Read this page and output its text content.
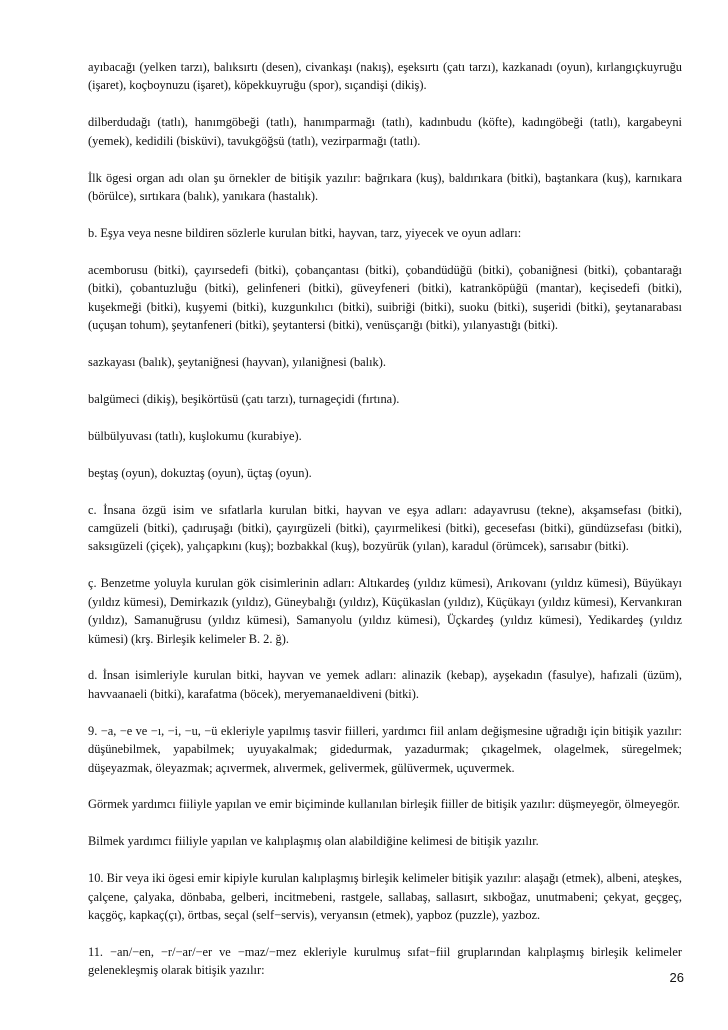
ayıbacağı (yelken tarzı), balıksırtı (desen), civankaşı (nakış), eşeksırtı (çatı tarzı), kazkanadı (oyun), kırlangıçkuyruğu (işaret), koçboynuzu (işaret), köpekkuyruğu (spor), sıçandişi (dikiş).

dilberdudağı (tatlı), hanımgöbeği (tatlı), hanımparmağı (tatlı), kadınbudu (köfte), kadıngöbeği (tatlı), kargabeyni (yemek), kedidili (bisküvi), tavukgöğsü (tatlı), vezirparmağı (tatlı).

İlk ögesi organ adı olan şu örnekler de bitişik yazılır: bağrıkara (kuş), baldırıkara (bitki), baştankara (kuş), karnıkara (börülce), sırtıkara (balık), yanıkara (hastalık).

b. Eşya veya nesne bildiren sözlerle kurulan bitki, hayvan, tarz, yiyecek ve oyun adları:

acemborusu (bitki), çayırsedefi (bitki), çobançantası (bitki), çobandüdüğü (bitki), çobaniğnesi (bitki), çobantarağı (bitki), çobantuzluğu (bitki), gelinfeneri (bitki), güveyfeneri (bitki), katranköpüğü (mantar), keçisedefi (bitki), kuşekmeği (bitki), kuşyemi (bitki), kuzgunkılıcı (bitki), suibriği (bitki), suoku (bitki), suşeridi (bitki), şeytanarabası (uçuşan tohum), şeytanfeneri (bitki), şeytantersi (bitki), venüsçarığı (bitki), yılanyastığı (bitki).

sazkayası (balık), şeytaniğnesi (hayvan), yılaniğnesi (balık).

balgümeci (dikiş), beşikörtüsü (çatı tarzı), turnageçidi (fırtına).

bülbülyuvası (tatlı), kuşlokumu (kurabiye).

beştaş (oyun), dokuztaş (oyun), üçtaş (oyun).

c. İnsana özgü isim ve sıfatlarla kurulan bitki, hayvan ve eşya adları: adayavrusu (tekne), akşamsefası (bitki), camgüzeli (bitki), çadıruşağı (bitki), çayırgüzeli (bitki), çayırmelikesi (bitki), gecesefası (bitki), gündüzsefası (bitki), saksıgüzeli (çiçek), yalıçapkını (kuş); bozbakkal (kuş), bozyürük (yılan), karadul (örümcek), sarısabır (bitki).

ç. Benzetme yoluyla kurulan gök cisimlerinin adları: Altıkardeş (yıldız kümesi), Arıkovanı (yıldız kümesi), Büyükayı (yıldız kümesi), Demirkazık (yıldız), Güneybalığı (yıldız), Küçükaslan (yıldız), Küçükayı (yıldız kümesi), Kervankıran (yıldız), Samanuğrusu (yıldız kümesi), Samanyolu (yıldız kümesi), Üçkardeş (yıldız kümesi), Yedikardeş (yıldız kümesi) (krş. Birleşik kelimeler B. 2. ğ).

d. İnsan isimleriyle kurulan bitki, hayvan ve yemek adları: alinazik (kebap), ayşekadın (fasulye), hafızali (üzüm), havvaanaeli (bitki), karafatma (böcek), meryemanaeldiveni (bitki).

9. −a, −e ve −ı, −i, −u, −ü ekleriyle yapılmış tasvir fiilleri, yardımcı fiil anlam değişmesine uğradığı için bitişik yazılır: düşünebilmek, yapabilmek; uyuyakalmak; gidedurmak, yazadurmak; çıkagelmek, olagelmek, süregelmek; düşeyazmak, öleyazmak; açıvermek, alıvermek, gelivermek, gülüvermek, uçuvermek.

Görmek yardımcı fiiliyle yapılan ve emir biçiminde kullanılan birleşik fiiller de bitişik yazılır: düşmeyegör, ölmeyegör.

Bilmek yardımcı fiiliyle yapılan ve kalıplaşmış olan alabildiğine kelimesi de bitişik yazılır.

10. Bir veya iki ögesi emir kipiyle kurulan kalıplaşmış birleşik kelimeler bitişik yazılır: alaşağı (etmek), albeni, ateşkes, çalçene, çalyaka, dönbaba, gelberi, incitmebeni, rastgele, sallabaş, sallasırt, sıkboğaz, unutmabeni; çekyat, geçgeç, kaçgöç, kapkaç(çı), örtbas, seçal (self−servis), veryansın (etmek), yapboz (puzzle), yazboz.

11. −an/−en, −r/−ar/−er ve −maz/−mez ekleriyle kurulmuş sıfat−fiil gruplarından kalıplaşmış birleşik kelimeler gelenekleşmiş olarak bitişik yazılır:	26
